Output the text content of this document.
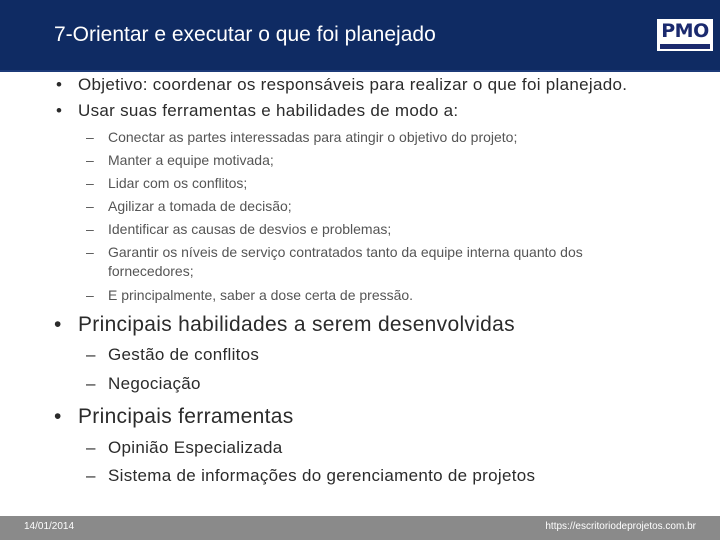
7-Orientar e executar o que foi planejado	PMO
• Objetivo: coordenar os responsáveis para realizar o que foi planejado.
• Usar suas ferramentas e habilidades de modo a:
– Conectar as partes interessadas para atingir o objetivo do projeto;
– Manter a equipe motivada;
– Lidar com os conflitos;
– Agilizar a tomada de decisão;
– Identificar as causas de desvios e problemas;
– Garantir os níveis de serviço contratados tanto da equipe interna quanto dos
fornecedores;
– E principalmente, saber a dose certa de pressão.
• Principais habilidades a serem desenvolvidas
– Gestão de conflitos
– Negociação
• Principais ferramentas
– Opinião Especializada
– Sistema de informações do gerenciamento de projetos
14/01/2014	https://escritoriodeprojetos.com.br
